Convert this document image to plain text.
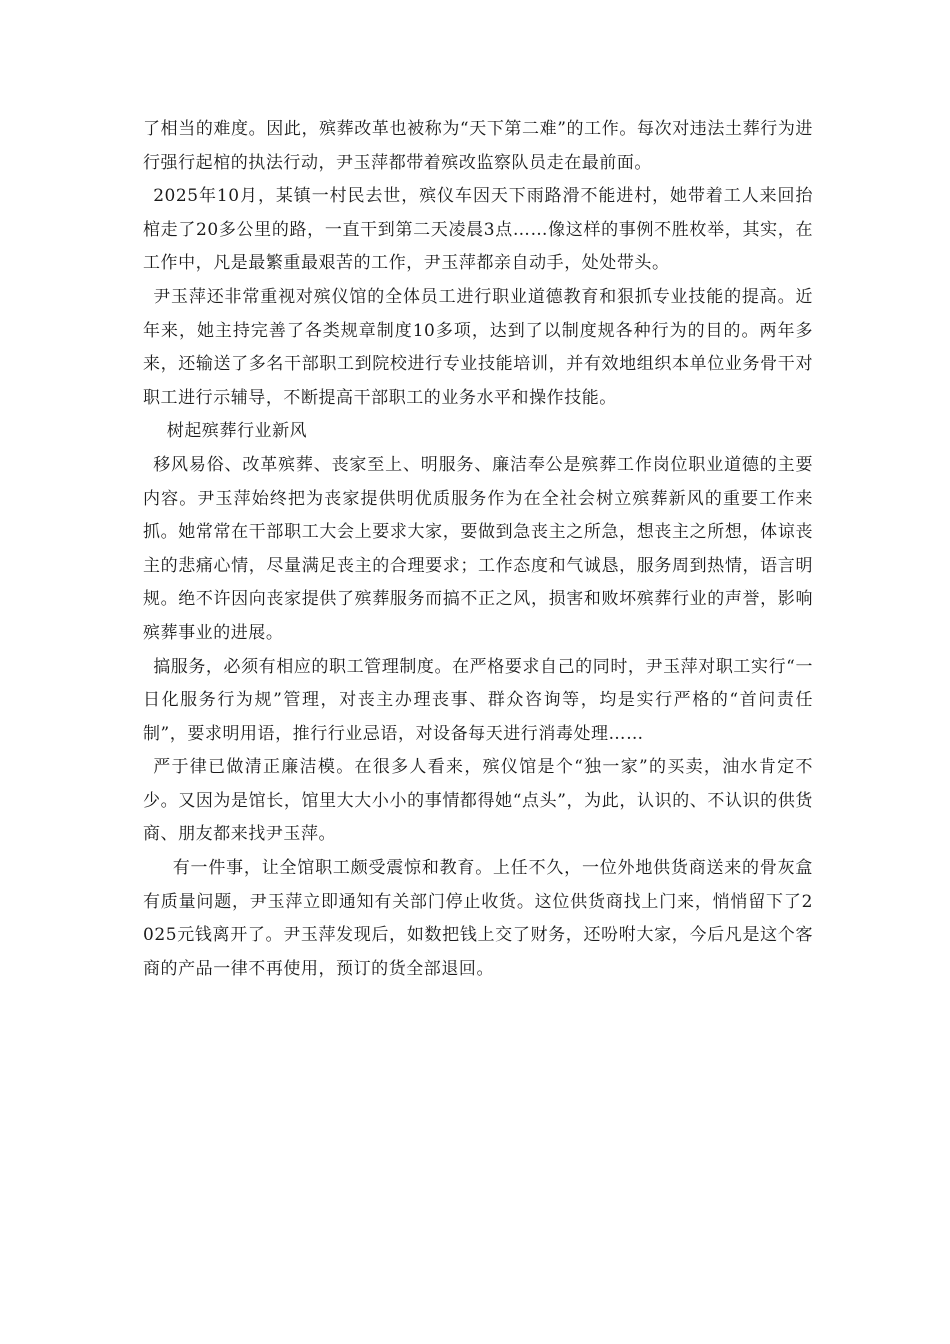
了相当的难度。因此，殡葬改革也被称为“天下第二难”的工作。每次对违法土葬行为进行强行起棺的执法行动，尹玉萍都带着殡改监察队员走在最前面。

2025年10月，某镇一村民去世，殡仪车因天下雨路滑不能进村，她带着工人来回抬棺走了20多公里的路，一直干到第二天凌晨3点……像这样的事例不胜枚举，其实，在工作中，凡是最繁重最艰苦的工作，尹玉萍都亲自动手，处处带头。

尹玉萍还非常重视对殡仪馆的全体员工进行职业道德教育和狠抓专业技能的提高。近年来，她主持完善了各类规章制度10多项，达到了以制度规各种行为的目的。两年多来，还输送了多名干部职工到院校进行专业技能培训，并有效地组织本单位业务骨干对职工进行示辅导，不断提高干部职工的业务水平和操作技能。

树起殡葬行业新风

移风易俗、改革殡葬、丧家至上、明服务、廉洁奉公是殡葬工作岗位职业道德的主要内容。尹玉萍始终把为丧家提供明优质服务作为在全社会树立殡葬新风的重要工作来抓。她常常在干部职工大会上要求大家，要做到急丧主之所急，想丧主之所想，体谅丧主的悲痛心情，尽量满足丧主的合理要求；工作态度和气诚恳，服务周到热情，语言明规。绝不许因向丧家提供了殡葬服务而搞不正之风，损害和败坏殡葬行业的声誉，影响殡葬事业的进展。

搞服务，必须有相应的职工管理制度。在严格要求自己的同时，尹玉萍对职工实行“一日化服务行为规”管理，对丧主办理丧事、群众咨询等，均是实行严格的“首问责任制”，要求明用语，推行行业忌语，对设备每天进行消毒处理……

严于律已做清正廉洁模。在很多人看来，殡仪馆是个“独一家”的买卖，油水肯定不少。又因为是馆长，馆里大大小小的事情都得她“点头”，为此，认识的、不认识的供货商、朋友都来找尹玉萍。

有一件事，让全馆职工颇受震惊和教育。上任不久，一位外地供货商送来的骨灰盒有质量问题，尹玉萍立即通知有关部门停止收货。这位供货商找上门来，悄悄留下了2025元钱离开了。尹玉萍发现后，如数把钱上交了财务，还吩咐大家，今后凡是这个客商的产品一律不再使用，预订的货全部退回。
